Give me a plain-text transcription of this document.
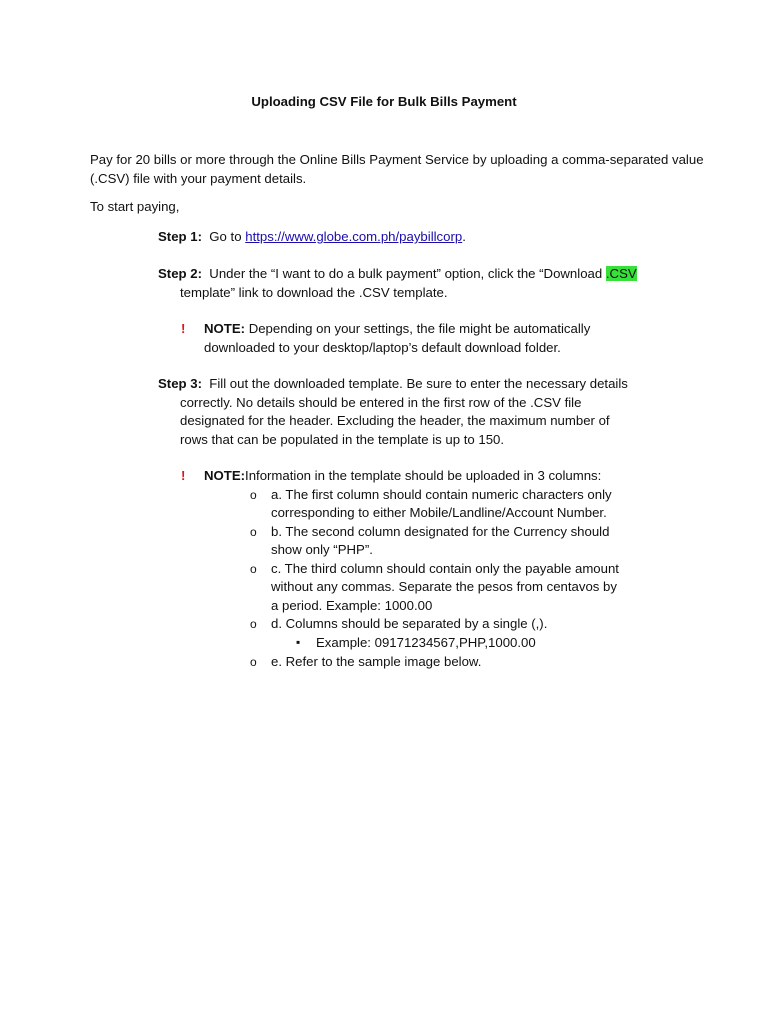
Uploading CSV File for Bulk Bills Payment
Pay for 20 bills or more through the Online Bills Payment Service by uploading a comma-separated value
(.CSV) file with your payment details.
To start paying,
Step 1: Go to https://www.globe.com.ph/paybillcorp.
Step 2: Under the “I want to do a bulk payment” option, click the “Download .CSV
template” link to download the .CSV template.
! NOTE: Depending on your settings, the file might be automatically
downloaded to your desktop/laptop’s default download folder.
Step 3: Fill out the downloaded template. Be sure to enter the necessary details
correctly. No details should be entered in the first row of the .CSV file
designated for the header. Excluding the header, the maximum number of
rows that can be populated in the template is up to 150.
! NOTE:Information in the template should be uploaded in 3 columns:
o a. The first column should contain numeric characters only
corresponding to either Mobile/Landline/Account Number.
o b. The second column designated for the Currency should
show only “PHP”.
o c. The third column should contain only the payable amount
without any commas. Separate the pesos from centavos by
a period. Example: 1000.00
o d. Columns should be separated by a single (,).
▪ Example: 09171234567,PHP,1000.00
o e. Refer to the sample image below.
